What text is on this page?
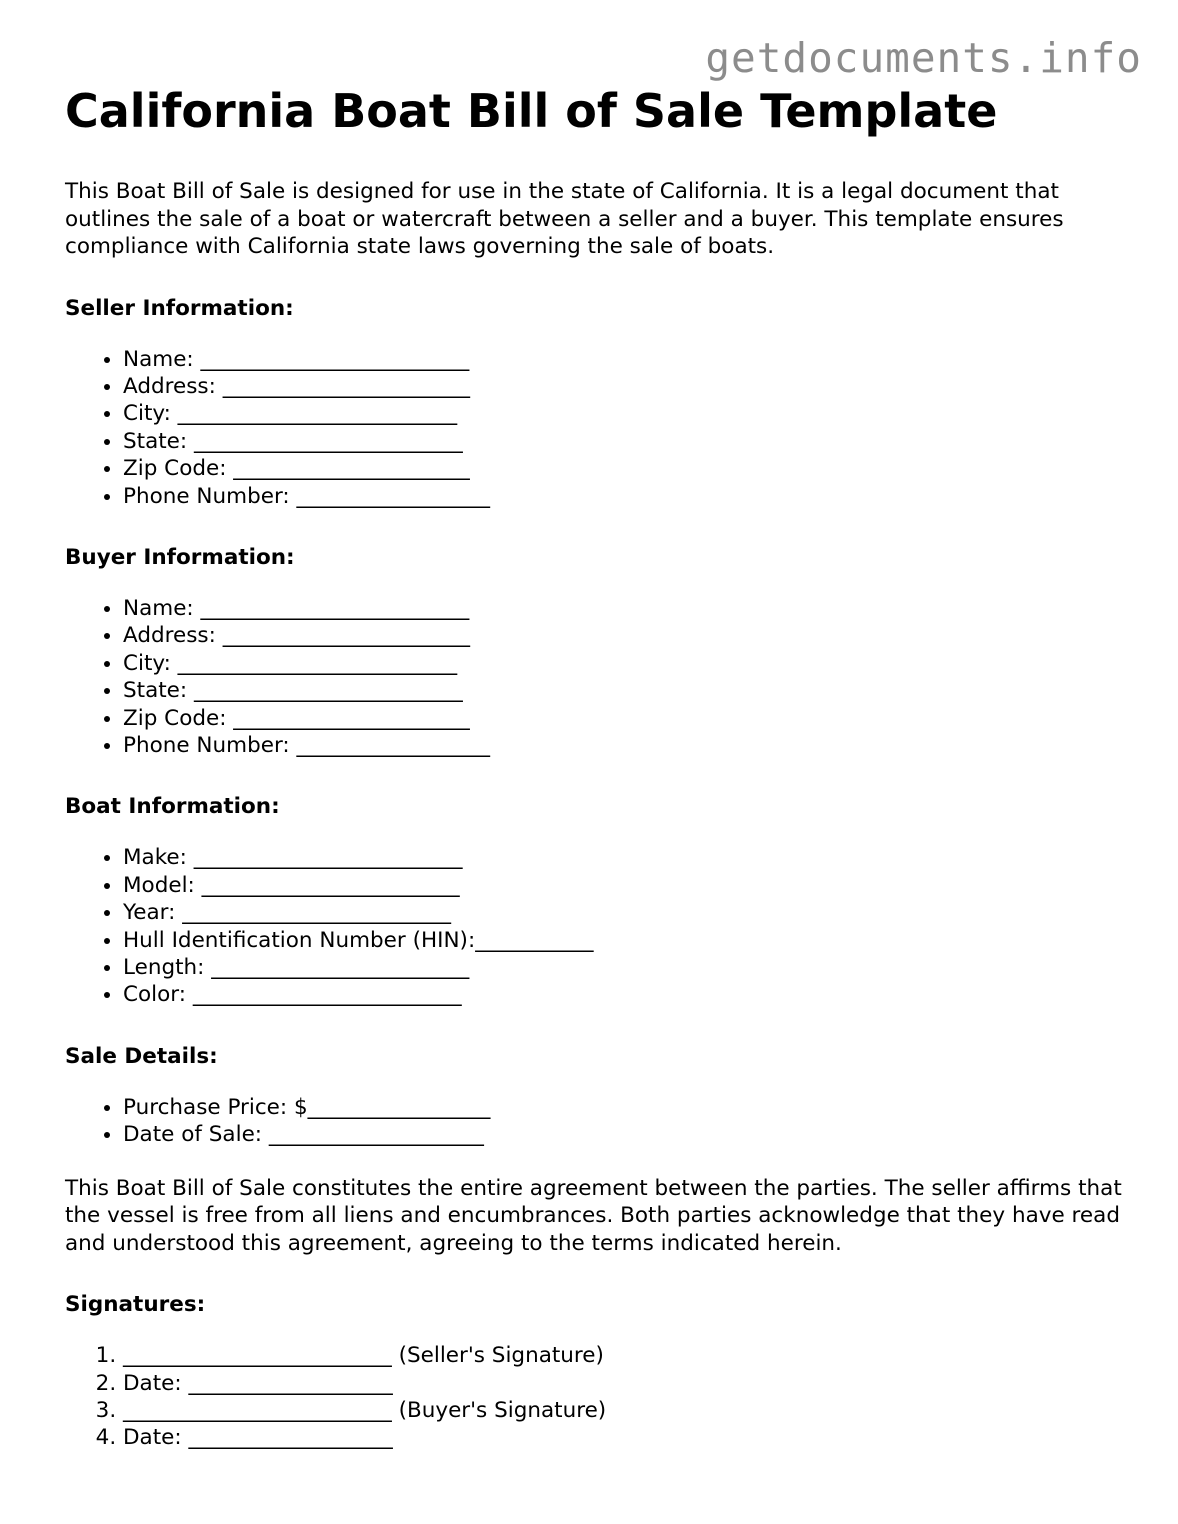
getdocuments.info
California Boat Bill of Sale Template

This Boat Bill of Sale is designed for use in the state of California. It is a legal document that outlines the sale of a boat or watercraft between a seller and a buyer. This template ensures compliance with California state laws governing the sale of boats.

Seller Information:
• Name: _________________________
• Address: _______________________
• City: __________________________
• State: _________________________
• Zip Code: ______________________
• Phone Number: __________________
Buyer Information:
• Name: _________________________
• Address: _______________________
• City: __________________________
• State: _________________________
• Zip Code: ______________________
• Phone Number: __________________
Boat Information:
• Make: _________________________
• Model: ________________________
• Year: _________________________
• Hull Identification Number (HIN):___________
• Length: ________________________
• Color: _________________________
Sale Details:
• Purchase Price: $_________________
• Date of Sale: ____________________

This Boat Bill of Sale constitutes the entire agreement between the parties. The seller affirms that the vessel is free from all liens and encumbrances. Both parties acknowledge that they have read and understood this agreement, agreeing to the terms indicated herein.

Signatures:
1. _________________________ (Seller's Signature)
2. Date: ___________________
3. _________________________ (Buyer's Signature)
4. Date: ___________________
